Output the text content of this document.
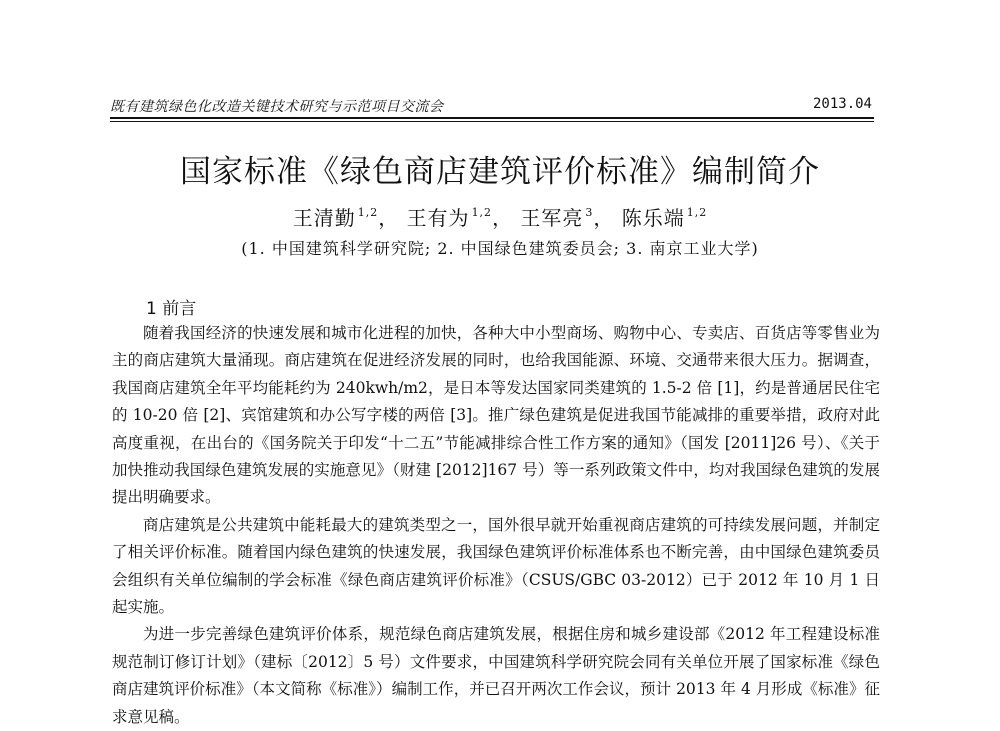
既有建筑绿色化改造关键技术研究与示范项目交流会	2013.04
国家标准《绿色商店建筑评价标准》编制简介
王清勤 $^{1,2}$， 王有为 $^{1,2}$， 王军亮 $^3$， 陈乐端 $^{1,2}$
(1. 中国建筑科学研究院; 2. 中国绿色建筑委员会; 3. 南京工业大学)
1 前言

随着我国经济的快速发展和城市化进程的加快，各种大中小型商场、购物中心、专卖店、百货店等零售业为主的商店建筑大量涌现。商店建筑在促进经济发展的同时，也给我国能源、环境、交通带来很大压力。据调查，我国商店建筑全年平均能耗约为 240kwh/m2，是日本等发达国家同类建筑的 1.5-2 倍 [1]，约是普通居民住宅的 10-20 倍 [2]、宾馆建筑和办公写字楼的两倍 [3]。推广绿色建筑是促进我国节能减排的重要举措，政府对此高度重视，在出台的《国务院关于印发“十二五”节能减排综合性工作方案的通知》（国发 [2011]26 号）、《关于加快推动我国绿色建筑发展的实施意见》（财建 [2012]167 号）等一系列政策文件中，均对我国绿色建筑的发展提出明确要求。

商店建筑是公共建筑中能耗最大的建筑类型之一，国外很早就开始重视商店建筑的可持续发展问题，并制定了相关评价标准。随着国内绿色建筑的快速发展，我国绿色建筑评价标准体系也不断完善，由中国绿色建筑委员会组织有关单位编制的学会标准《绿色商店建筑评价标准》（CSUS/GBC 03-2012）已于 2012 年 10 月 1 日起实施。

为进一步完善绿色建筑评价体系，规范绿色商店建筑发展，根据住房和城乡建设部《2012 年工程建设标准规范制订修订计划》（建标〔2012〕5 号）文件要求，中国建筑科学研究院会同有关单位开展了国家标准《绿色商店建筑评价标准》（本文简称《标准》）编制工作，并已召开两次工作会议，预计 2013 年 4 月形成《标准》征求意见稿。
